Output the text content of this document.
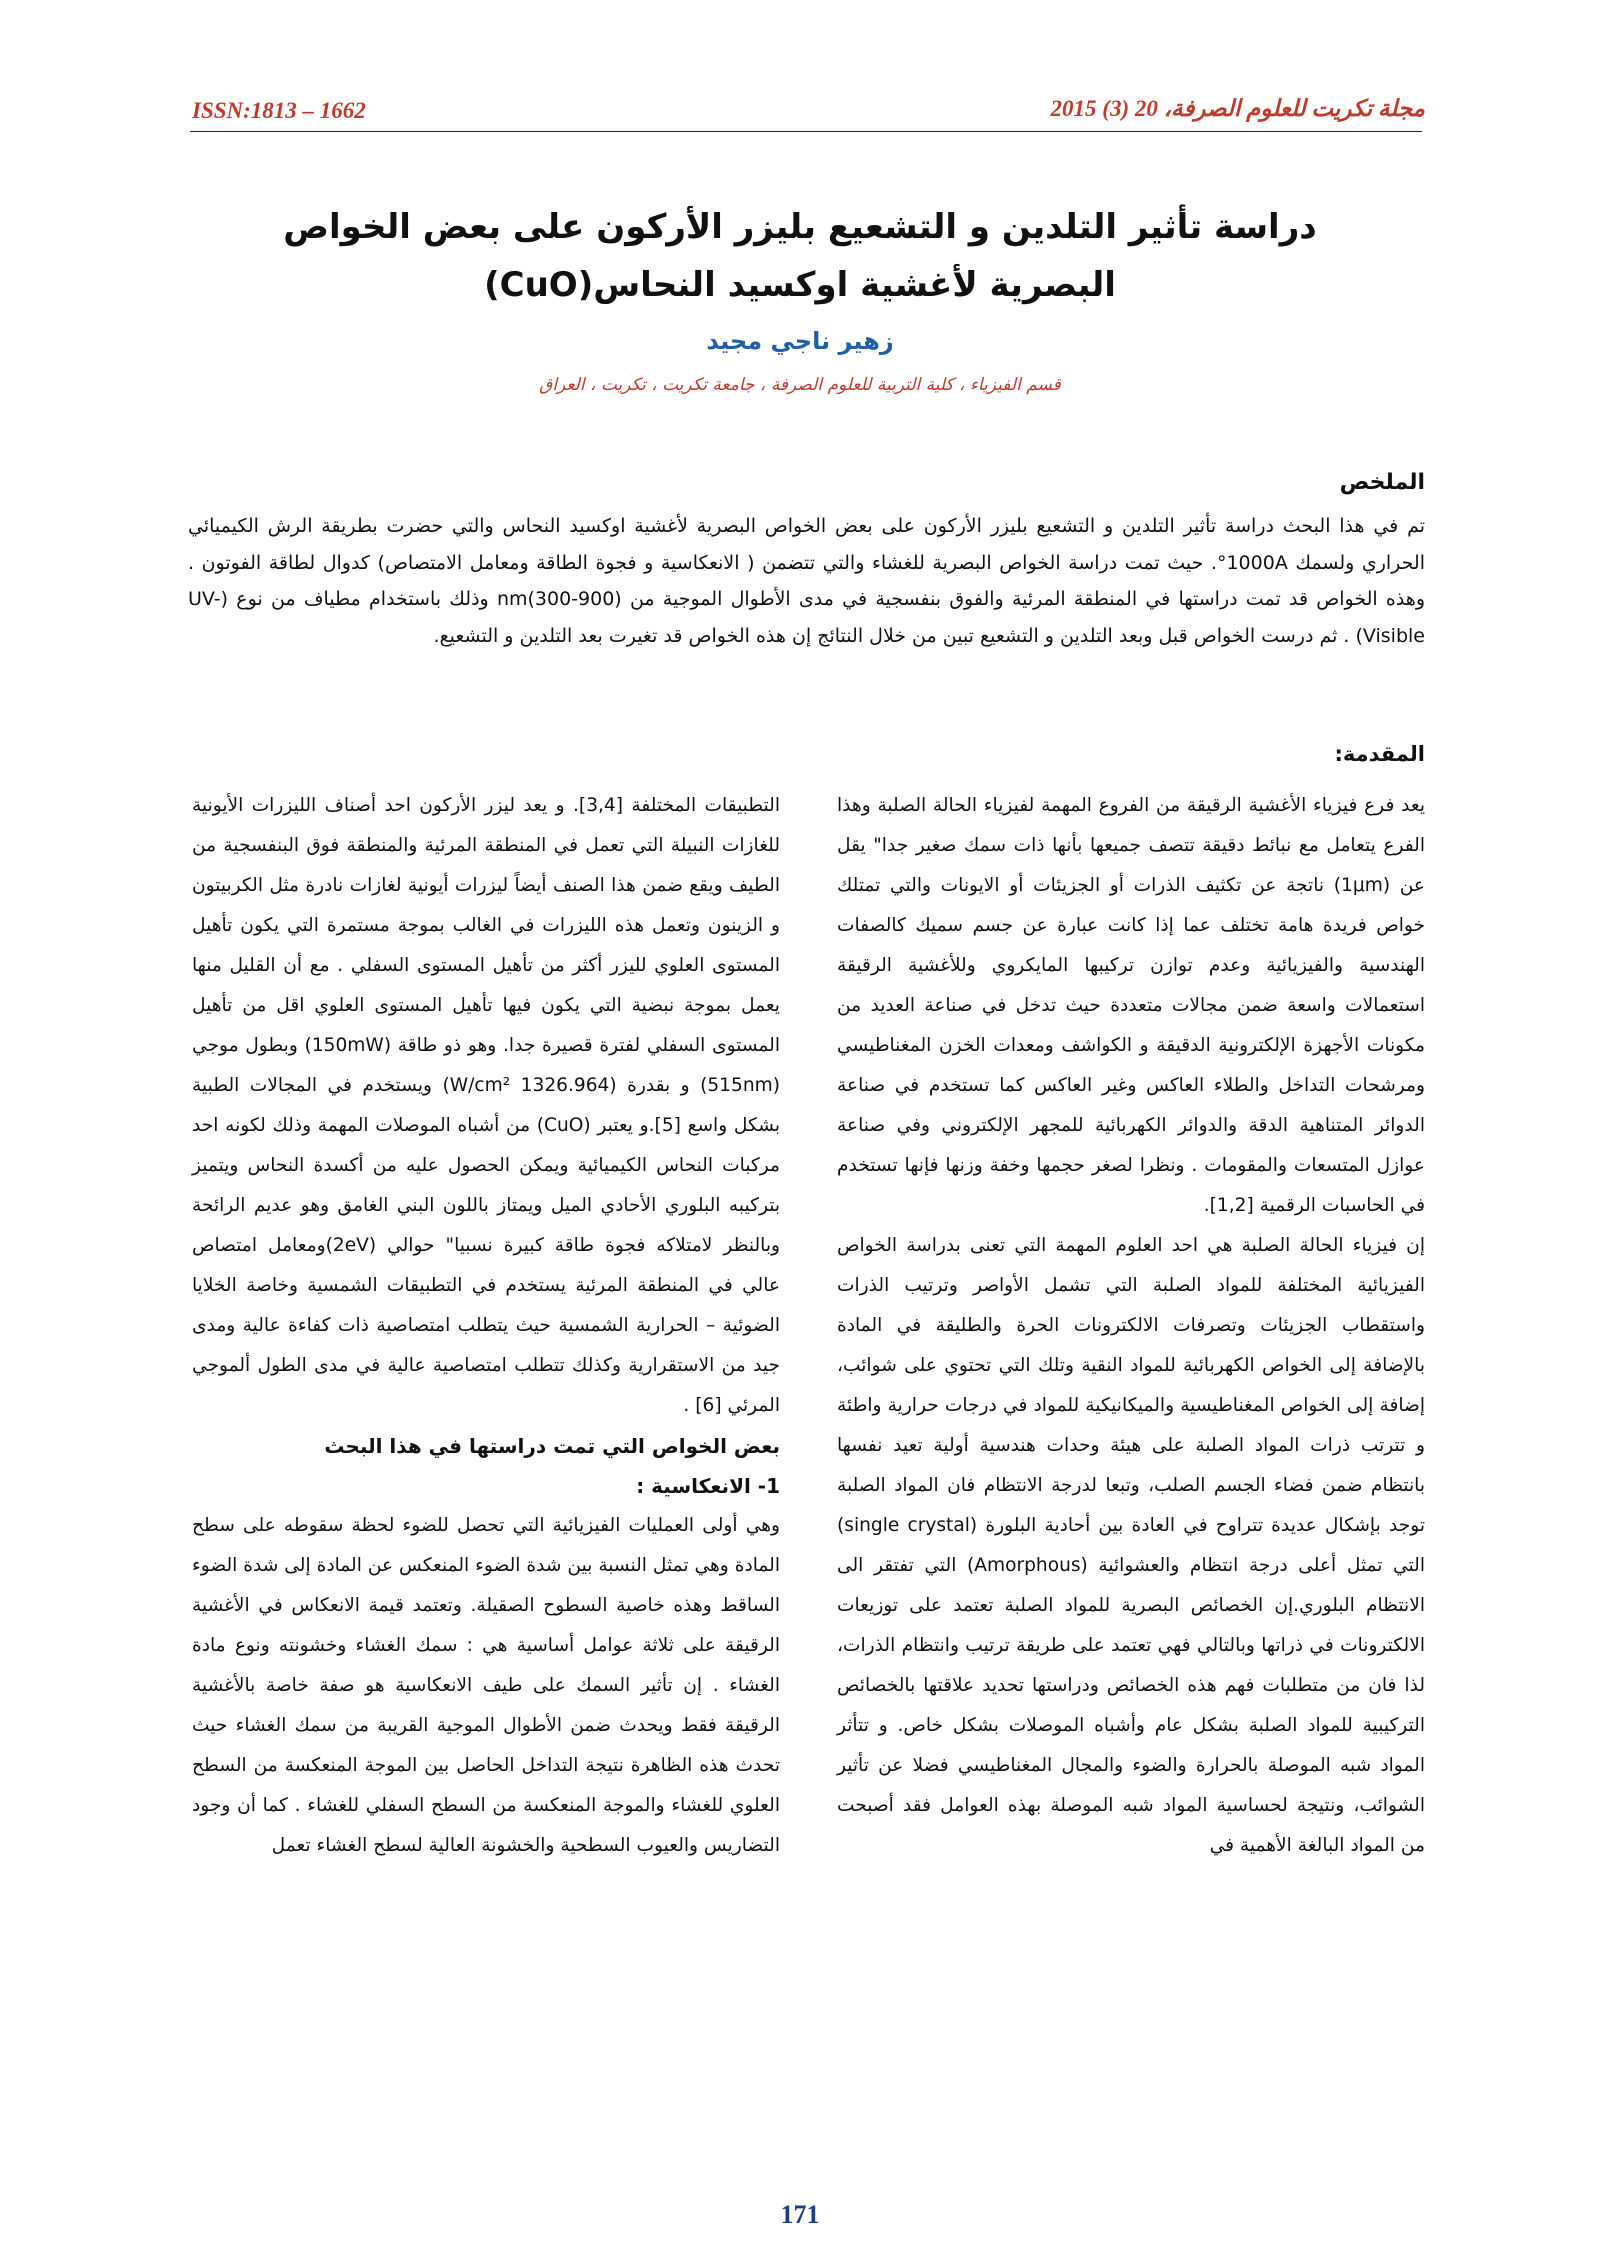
ISSN:1813 – 1662	مجلة تكريت للعلوم الصرفة، 20 (3) 2015
دراسة تأثير التلدين و التشعيع بليزر الأركون على بعض الخواص البصرية لأغشية اوكسيد النحاس(CuO)
زهير ناجي مجيد
قسم الفيزياء ، كلية التربية للعلوم الصرفة ، جامعة تكريت ، تكريت ، العراق
الملخص
تم في هذا البحث دراسة تأثير التلدين و التشعيع بليزر الأركون على بعض الخواص البصرية لأغشية اوكسيد النحاس والتي حضرت بطريقة الرش الكيميائي الحراري ولسمك 1000A°. حيث تمت دراسة الخواص البصرية للغشاء والتي تتضمن ( الانعكاسية و فجوة الطاقة ومعامل الامتصاص) كدوال لطاقة الفوتون . وهذه الخواص قد تمت دراستها في المنطقة المرئية والفوق بنفسجية في مدى الأطوال الموجية من nm(300-900) وذلك باستخدام مطياف من نوع (UV-Visible) . ثم درست الخواص قبل وبعد التلدين و التشعيع تبين من خلال النتائج إن هذه الخواص قد تغيرت بعد التلدين و التشعيع.
المقدمة:

يعد فرع فيزياء الأغشية الرقيقة من الفروع المهمة لفيزياء الحالة الصلبة وهذا الفرع يتعامل مع نبائط دقيقة تتصف جميعها بأنها ذات سمك صغير جدا" يقل عن (1μm) ناتجة عن تكثيف الذرات أو الجزيئات أو الايونات والتي تمتلك خواص فريدة هامة تختلف عما إذا كانت عبارة عن جسم سميك كالصفات الهندسية والفيزيائية وعدم توازن تركيبها المايكروي وللأغشية الرقيقة استعمالات واسعة ضمن مجالات متعددة حيث تدخل في صناعة العديد من مكونات الأجهزة الإلكترونية الدقيقة و الكواشف ومعدات الخزن المغناطيسي ومرشحات التداخل والطلاء العاكس وغير العاكس كما تستخدم في صناعة الدوائر المتناهية الدقة والدوائر الكهربائية للمجهر الإلكتروني وفي صناعة عوازل المتسعات والمقومات . ونظرا لصغر حجمها وخفة وزنها فإنها تستخدم في الحاسبات الرقمية [1,2].

إن فيزياء الحالة الصلبة هي احد العلوم المهمة التي تعنى بدراسة الخواص الفيزيائية المختلفة للمواد الصلبة التي تشمل الأواصر وترتيب الذرات واستقطاب الجزيئات وتصرفات الالكترونات الحرة والطليقة في المادة بالإضافة إلى الخواص الكهربائية للمواد النقية وتلك التي تحتوي على شوائب، إضافة إلى الخواص المغناطيسية والميكانيكية للمواد في درجات حرارية واطئة و تترتب ذرات المواد الصلبة على هيئة وحدات هندسية أولية تعيد نفسها بانتظام ضمن فضاء الجسم الصلب، وتبعا لدرجة الانتظام فان المواد الصلبة توجد بإشكال عديدة تتراوح في العادة بين أحادية البلورة (single crystal) التي تمثل أعلى درجة انتظام والعشوائية (Amorphous) التي تفتقر الى الانتظام البلوري.إن الخصائص البصرية للمواد الصلبة تعتمد على توزيعات الالكترونات في ذراتها وبالتالي فهي تعتمد على طريقة ترتيب وانتظام الذرات، لذا فان من متطلبات فهم هذه الخصائص ودراستها تحديد علاقتها بالخصائص التركيبية للمواد الصلبة بشكل عام وأشباه الموصلات بشكل خاص. و تتأثر المواد شبه الموصلة بالحرارة والضوء والمجال المغناطيسي فضلا عن تأثير الشوائب، ونتيجة لحساسية المواد شبه الموصلة بهذه العوامل فقد أصبحت من المواد البالغة الأهمية في

التطبيقات المختلفة [3,4]. و يعد ليزر الأركون احد أصناف الليزرات الأيونية للغازات النبيلة التي تعمل في المنطقة المرئية والمنطقة فوق البنفسجية من الطيف ويقع ضمن هذا الصنف أيضاً ليزرات أيونية لغازات نادرة مثل الكربيتون و الزينون وتعمل هذه الليزرات في الغالب بموجة مستمرة التي يكون تأهيل المستوى العلوي لليزر أكثر من تأهيل المستوى السفلي . مع أن القليل منها يعمل بموجة نبضية التي يكون فيها تأهيل المستوى العلوي اقل من تأهيل المستوى السفلي لفترة قصيرة جدا. وهو ذو طاقة (150mW) وبطول موجي (515nm) و بقدرة (1326.964 W/cm²) ويستخدم في المجالات الطبية بشكل واسع [5].و يعتبر (CuO) من أشباه الموصلات المهمة وذلك لكونه احد مركبات النحاس الكيميائية ويمكن الحصول عليه من أكسدة النحاس ويتميز بتركيبه البلوري الأحادي الميل ويمتاز باللون البني الغامق وهو عديم الرائحة وبالنظر لامتلاكه فجوة طاقة كبيرة نسبيا" حوالي (2eV)ومعامل امتصاص عالي في المنطقة المرئية يستخدم في التطبيقات الشمسية وخاصة الخلايا الضوئية – الحرارية الشمسية حيث يتطلب امتصاصية ذات كفاءة عالية ومدى جيد من الاستقرارية وكذلك تتطلب امتصاصية عالية في مدى الطول ألموجي المرئي [6] .

بعض الخواص التي تمت دراستها في هذا البحث

1- الانعكاسية :

وهي أولى العمليات الفيزيائية التي تحصل للضوء لحظة سقوطه على سطح المادة وهي تمثل النسبة بين شدة الضوء المنعكس عن المادة إلى شدة الضوء الساقط وهذه خاصية السطوح الصقيلة. وتعتمد قيمة الانعكاس في الأغشية الرقيقة على ثلاثة عوامل أساسية هي : سمك الغشاء وخشونته ونوع مادة الغشاء . إن تأثير السمك على طيف الانعكاسية هو صفة خاصة بالأغشية الرقيقة فقط ويحدث ضمن الأطوال الموجية القريبة من سمك الغشاء حيث تحدث هذه الظاهرة نتيجة التداخل الحاصل بين الموجة المنعكسة من السطح العلوي للغشاء والموجة المنعكسة من السطح السفلي للغشاء . كما أن وجود التضاريس والعيوب السطحية والخشونة العالية لسطح الغشاء تعمل

171
